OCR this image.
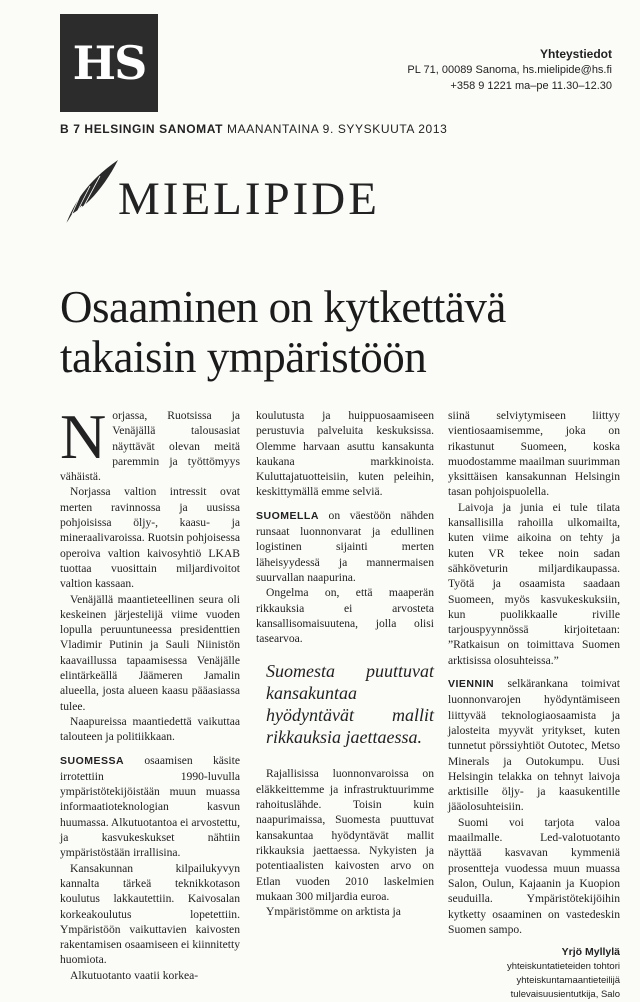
HS	Yhteystiedot
PL 71, 00089 Sanoma, hs.mielipide@hs.fi
+358 9 1221 ma–pe 11.30–12.30
B 7 HELSINGIN SANOMAT MAANANTAINA 9. SYYSKUUTA 2013
MIELIPIDE
Osaaminen on kytkettävä
takaisin ympäristöön

Norjassa, Ruotsissa ja Venäjällä talousasiat näyttävät olevan meitä paremmin ja työttömyys vähäistä.

Norjassa valtion intressit ovat merten ravinnossa ja uusissa pohjoisissa öljy-, kaasu- ja mineraalivaroissa. Ruotsin pohjoisessa operoiva valtion kaivosyhtiö LKAB tuottaa vuosittain miljardivoitot valtion kassaan.

Venäjällä maantieteellinen seura oli keskeinen järjestelijä viime vuoden lopulla peruuntuneessa presidenttien Vladimir Putinin ja Sauli Niinistön kaavaillussa tapaamisessa Venäjälle elintärkeällä Jäämeren Jamalin alueella, josta alueen kaasu pääasiassa tulee.

Naapureissa maantiedettä vaikuttaa talouteen ja politiikkaan.

SUOMESSA osaamisen käsite irrotettiin 1990-luvulla ympäristötekijöistään muun muassa informaatioteknologian kasvun huumassa. Alkutuotantoa ei arvostettu, ja kasvukeskukset nähtiin ympäristöstään irrallisina.

Kansakunnan kilpailukyvyn kannalta tärkeä teknikkotason koulutus lakkautettiin. Kaivosalan korkeakoulutus lopetettiin. Ympäristöön vaikuttavien kaivosten rakentamisen osaamiseen ei kiinnitetty huomiota.

Alkutuotanto vaatii korkea-

koulutusta ja huippuosaamiseen perustuvia palveluita keskuksissa. Olemme harvaan asuttu kansakunta kaukana markkinoista. Kuluttajatuotteisiin, kuten peleihin, keskittymällä emme selviä.

SUOMELLA on väestöön nähden runsaat luonnonvarat ja edullinen logistinen sijainti merten läheisyydessä ja mannermaisen suurvallan naapurina.

Ongelma on, että maaperän rikkauksia ei arvosteta kansallisomaisuutena, jolla olisi tasearvoa.

Suomesta puuttuvat kansakuntaa hyödyntävät mallit rikkauksia jaettaessa.

Rajallisissa luonnonvaroissa on eläkkeittemme ja infrastruktuurimme rahoituslähde. Toisin kuin naapurimaissa, Suomesta puuttuvat kansakuntaa hyödyntävät mallit rikkauksia jaettaessa. Nykyisten ja potentiaalisten kaivosten arvo on Etlan vuoden 2010 laskelmien mukaan 300 miljardia euroa.

Ympäristömme on arktista ja

siinä selviytymiseen liittyy vientiosaamisemme, joka on rikastunut Suomeen, koska muodostamme maailman suurimman yksittäisen kansakunnan Helsingin tasan pohjoispuolella.

Laivoja ja junia ei tule tilata kansallisilla rahoilla ulkomailta, kuten viime aikoina on tehty ja kuten VR tekee noin sadan sähköveturin miljardikaupassa. Työtä ja osaamista saadaan Suomeen, myös kasvukeskuksiin, kun puolikkaalle riville tarjouspyynnössä kirjoitetaan: ”Ratkaisun on toimittava Suomen arktisissa olosuhteissa.”

VIENNIN selkärankana toimivat luonnonvarojen hyödyntämiseen liittyvää teknologiaosaamista ja jalosteita myyvät yritykset, kuten tunnetut pörssiyhtiöt Outotec, Metso Minerals ja Outokumpu. Uusi Helsingin telakka on tehnyt laivoja arktisille öljy- ja kaasukentille jääolosuhteisiin.

Suomi voi tarjota valoa maailmalle. Led-valotuotanto näyttää kasvavan kymmeniä prosentteja vuodessa muun muassa Salon, Oulun, Kajaanin ja Kuopion seuduilla. Ympäristötekijöihin kytketty osaaminen on vastedeskin Suomen sampo.

Yrjö Myllylä
yhteiskuntatieteiden tohtori
yhteiskuntamaantieteilijä
tulevaisuusientutkija, Salo
